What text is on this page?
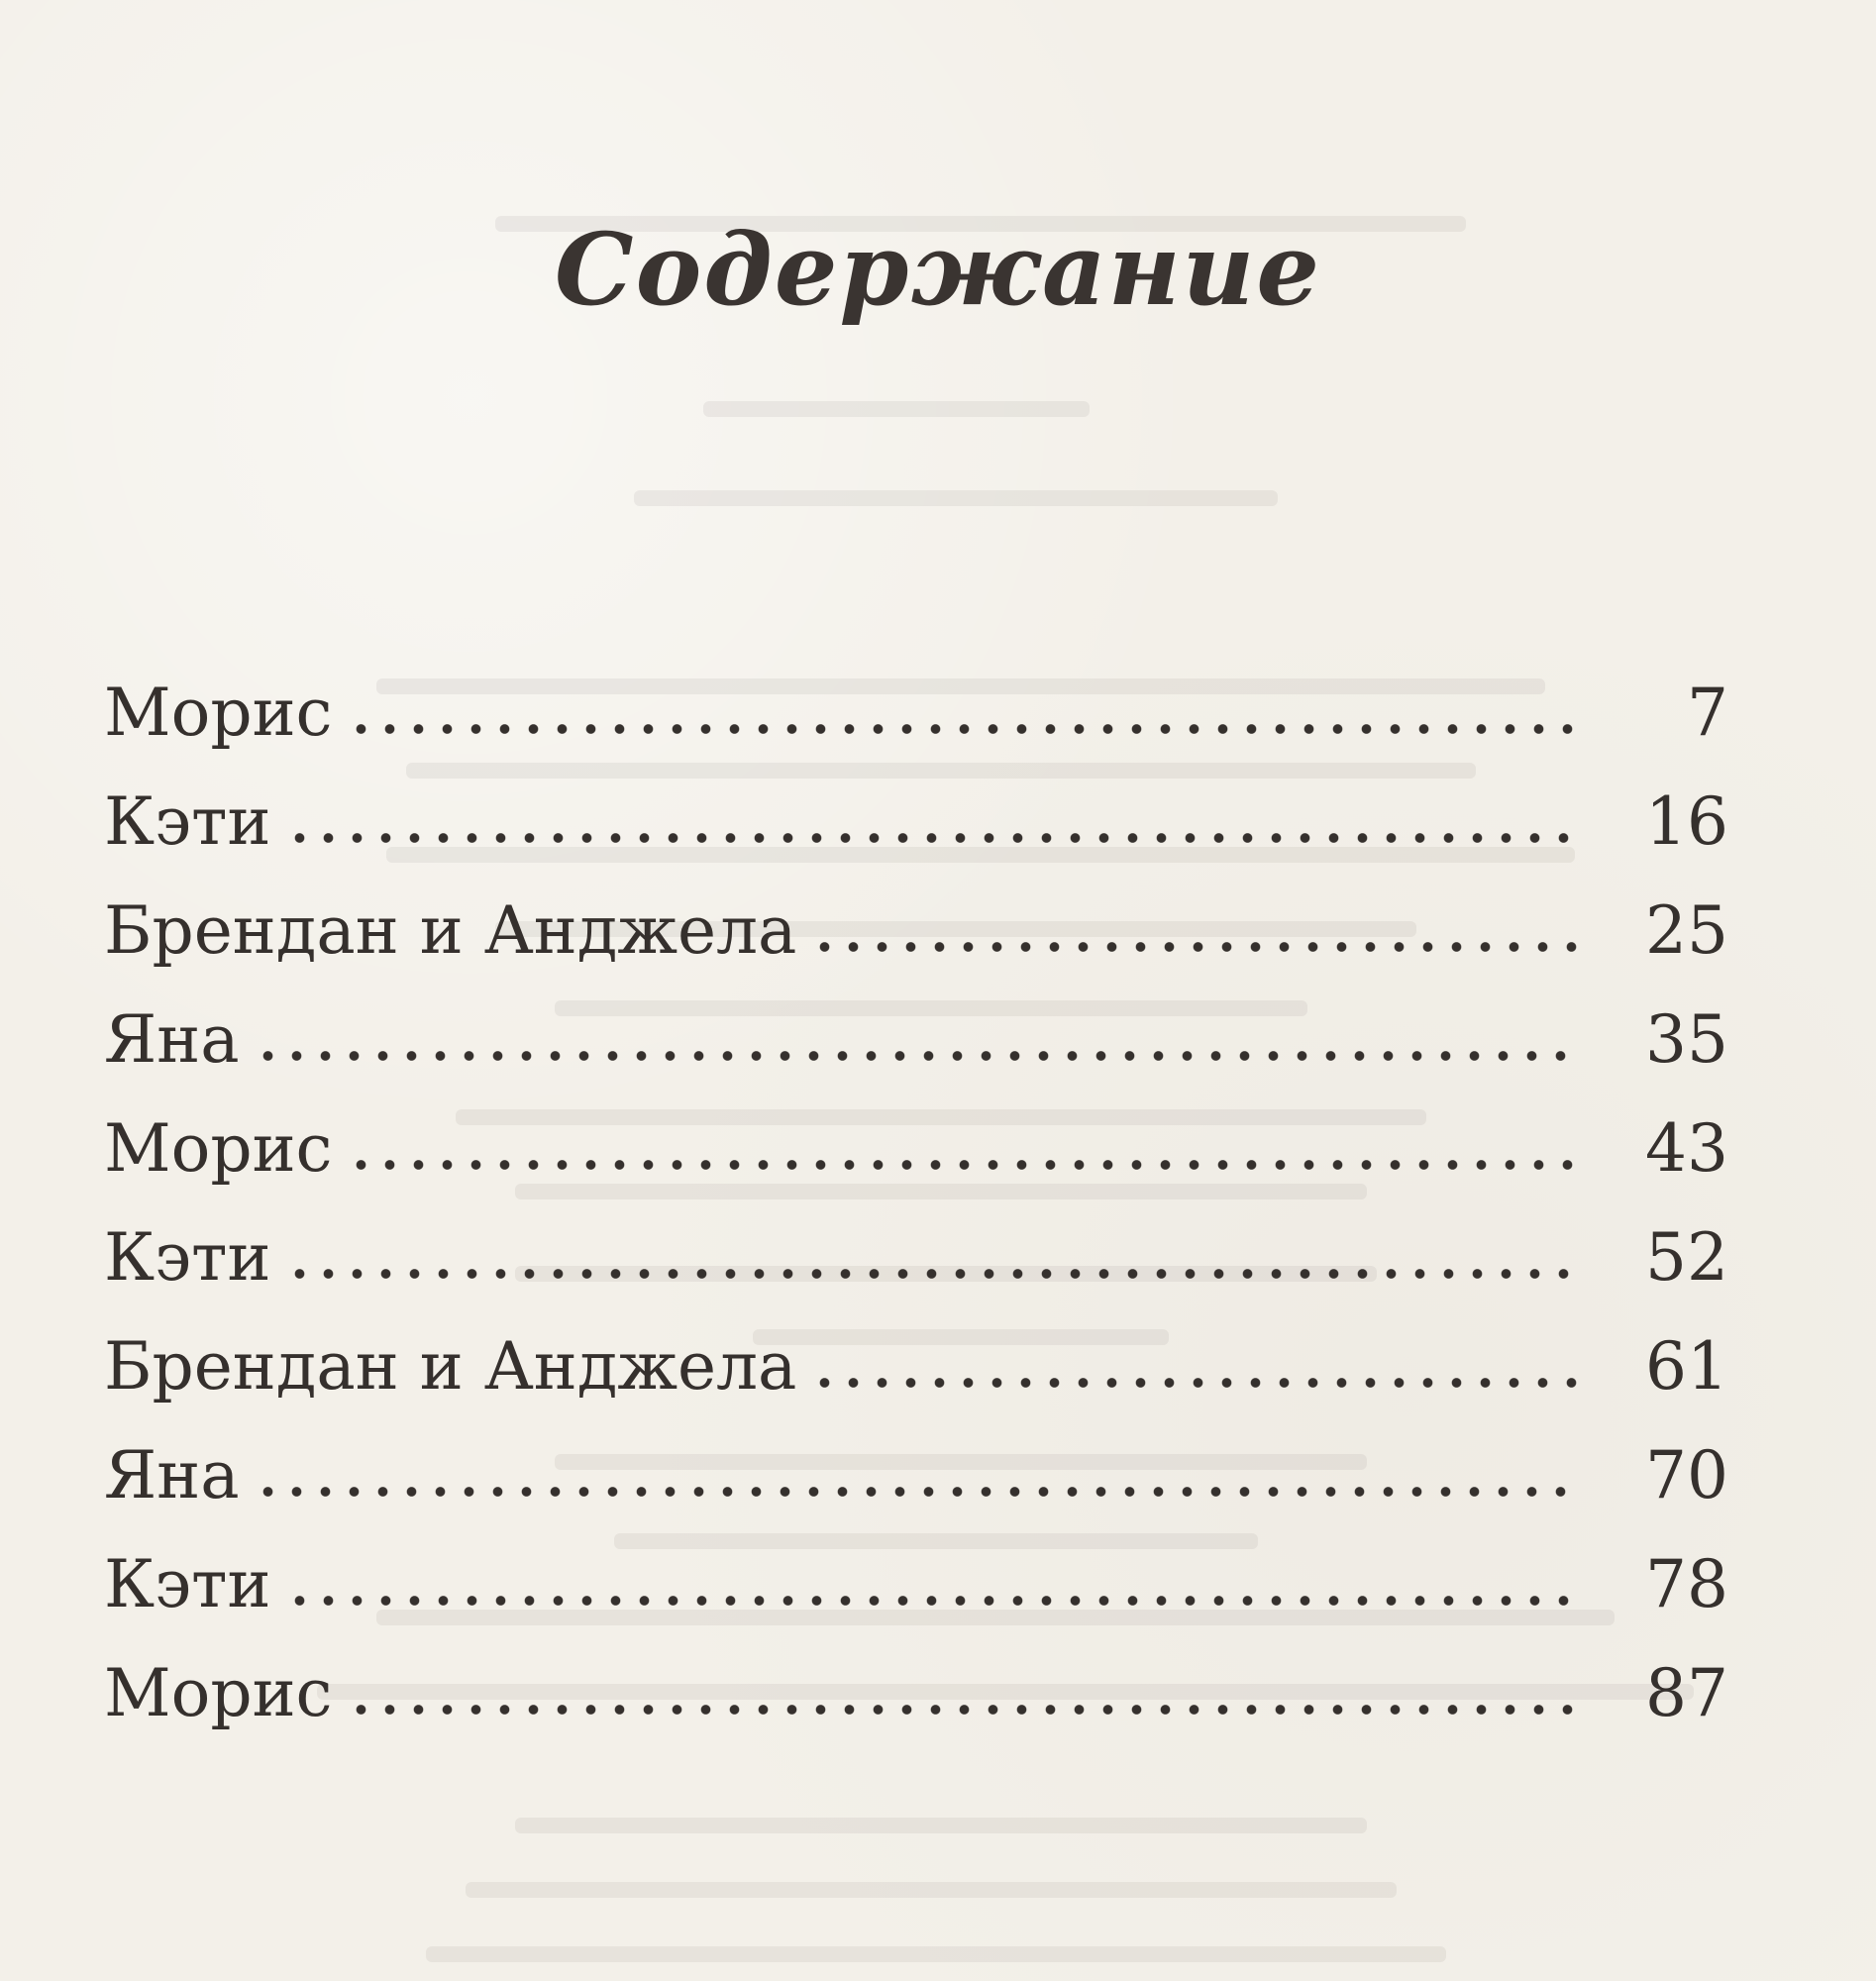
Содержание
Морис	7
Кэти	16
Брендан и Анджела	25
Яна	35
Морис	43
Кэти	52
Брендан и Анджела	61
Яна	70
Кэти	78
Морис	87
